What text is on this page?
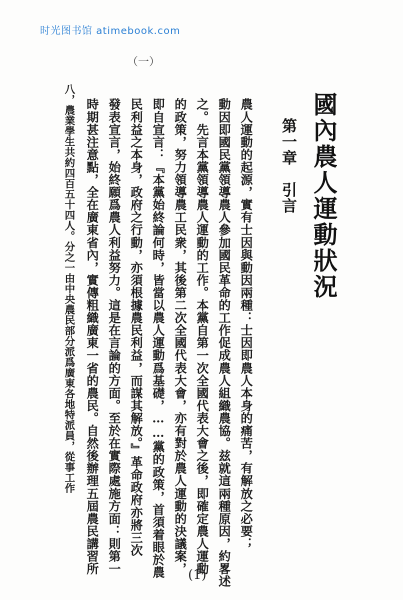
时光图书馆 atimebook.com
（一）
國內農人運動狀況
第一章引言
農人運動的起源，實有士因與動因兩種：士因即農人本身的痛苦，有解放之必要；
動因即國民黨領導農人參加國民革命的工作促成農人組織農協。兹就這兩種原因，約畧述
之。先言本黨領導農人運動的工作。本黨自第一次全國代表大會之後，即確定農人運動
的政策，努力領導農工民衆，其後第二次全國代表大會，亦有對於農人運動的決議案，
即自宣言：『本黨始終論何時，皆當以農人運動爲基礎，……黨的政策，首須着眼於農
民利益之本身，政府之行動，亦須根據農民利益，而謀其解放。』革命政府亦將三次
發表宣言，始終願爲農人利益努力。這是在言論的方面。至於在實際處施方面：則第一
時期甚注意點，全在廣東省內，實傳粗織廣東一省的農民。自然後辦理五屆農民講習所
八，農業學生共約四百五十四人。分之一由中央農民部分派爲廣東各地特派員，從事工作
(1)
